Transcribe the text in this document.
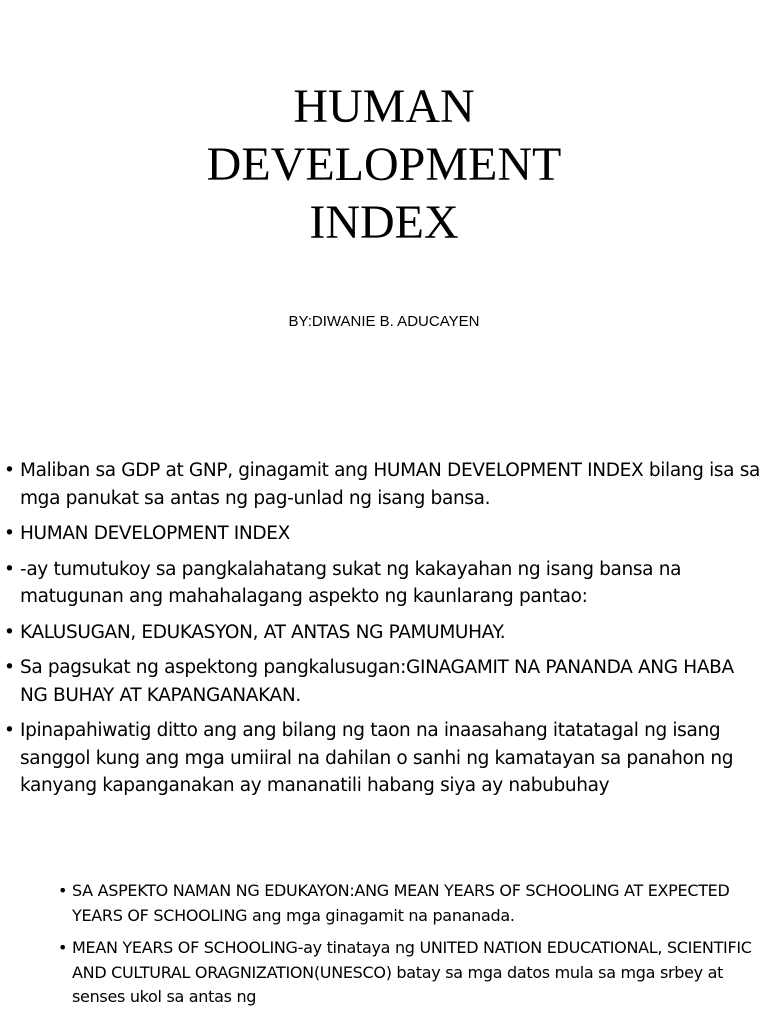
HUMAN
DEVELOPMENT
INDEX
BY:DIWANIE B. ADUCAYEN
• Maliban sa GDP at GNP, ginagamit ang HUMAN DEVELOPMENT INDEX bilang isa sa mga panukat sa antas ng pag-unlad ng isang bansa.
• HUMAN DEVELOPMENT INDEX
• -ay tumutukoy sa pangkalahatang sukat ng kakayahan ng isang bansa na matugunan ang mahahalagang aspekto ng kaunlarang pantao:
• KALUSUGAN, EDUKASYON, AT ANTAS NG PAMUMUHAY.
• Sa pagsukat ng aspektong pangkalusugan:GINAGAMIT NA PANANDA ANG HABA NG BUHAY AT KAPANGANAKAN.
• Ipinapahiwatig ditto ang ang bilang ng taon na inaasahang itatatagal ng isang sanggol kung ang mga umiiral na dahilan o sanhi ng kamatayan sa panahon ng kanyang kapanganakan ay mananatili habang siya ay nabubuhay
• SA ASPEKTO NAMAN NG EDUKAYON:ANG MEAN YEARS OF SCHOOLING AT EXPECTED YEARS OF SCHOOLING ang mga ginagamit na pananada.
• MEAN YEARS OF SCHOOLING-ay tinataya ng UNITED NATION EDUCATIONAL, SCIENTIFIC AND CULTURAL ORAGNIZATION(UNESCO) batay sa mga datos mula sa mga srbey at senses ukol sa antas ng
